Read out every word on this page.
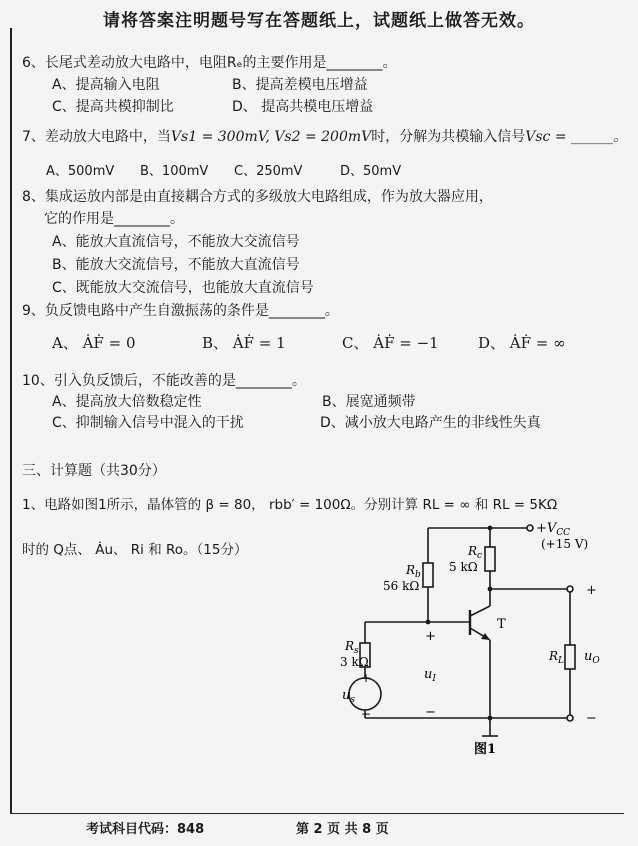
请将答案注明题号写在答题纸上，试题纸上做答无效。
6、长尾式差动放大电路中，电阻Rₑ的主要作用是________。
A、提高输入电阻	B、提高差模电压增益
C、提高共模抑制比	D、 提高共模电压增益
7、差动放大电路中，当Vs1 = 300mV, Vs2 = 200mV时，分解为共模输入信号Vsc = ______。
A、500mV B、100mV C、250mV	D、50mV
8、集成运放内部是由直接耦合方式的多级放大电路组成，作为放大器应用，
它的作用是________。
A、能放大直流信号，不能放大交流信号
B、能放大交流信号，不能放大直流信号
C、既能放大交流信号，也能放大直流信号
9、负反馈电路中产生自激振荡的条件是________。
A、 ȦḞ = 0	B、 ȦḞ = 1	C、 ȦḞ = −1	D、 ȦḞ = ∞
10、引入负反馈后，不能改善的是________。
A、提高放大倍数稳定性	B、展宽通频带
C、抑制输入信号中混入的干扰	D、减小放大电路产生的非线性失真
三、计算题（共30分）
1、电路如图1所示，晶体管的 β = 80， rbb′ = 100Ω。分别计算 RL = ∞ 和 RL = 5KΩ
时的 Q点、 Ȧu、 Ri 和 Ro。（15分）
$+V_{CC}$
(+15 V)
$R_b$
56 kΩ
$R_c$
5 kΩ
$R_s$
3 kΩ
+
$u_s$
−
+
$u_I$
−
T
$R_L$
+
$u_O$
−
图1
考试科目代码：848	第 2 页 共 8 页
